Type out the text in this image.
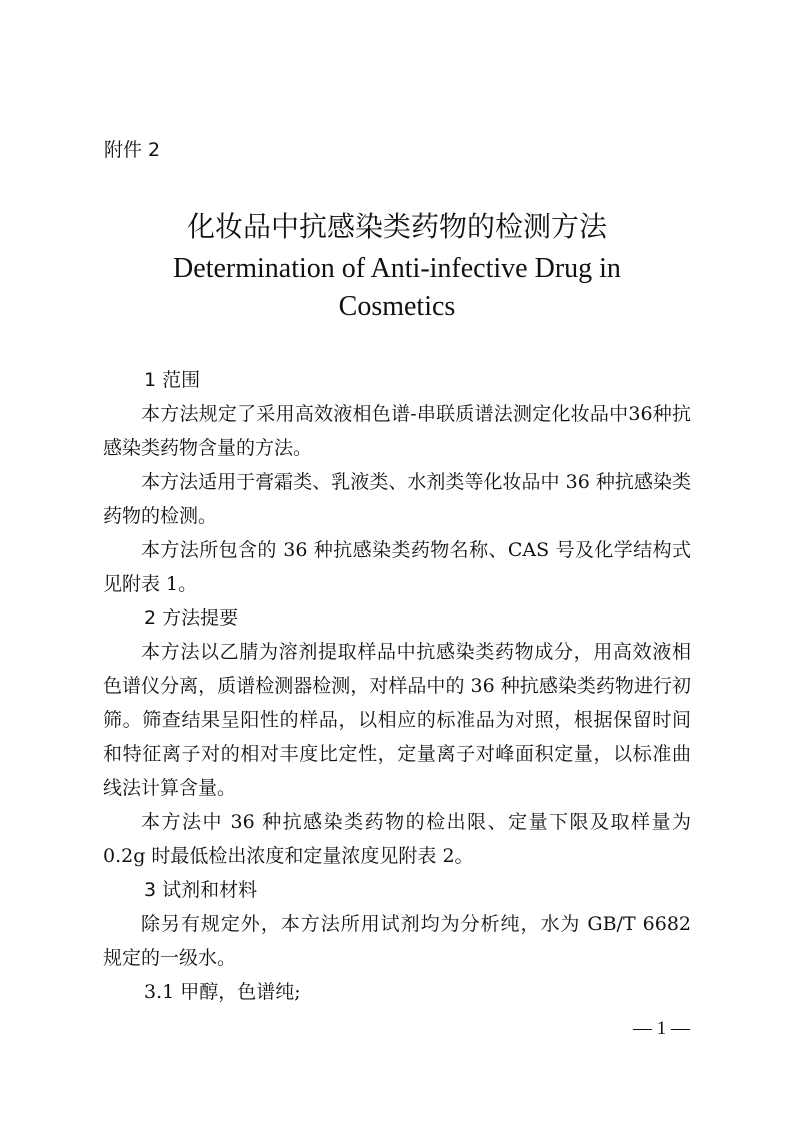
附件 2
化妆品中抗感染类药物的检测方法
Determination of Anti-infective Drug in Cosmetics

1 范围

本方法规定了采用高效液相色谱-串联质谱法测定化妆品中36种抗感染类药物含量的方法。

本方法适用于膏霜类、乳液类、水剂类等化妆品中 36 种抗感染类药物的检测。

本方法所包含的 36 种抗感染类药物名称、CAS 号及化学结构式见附表 1。

2 方法提要

本方法以乙腈为溶剂提取样品中抗感染类药物成分，用高效液相色谱仪分离，质谱检测器检测，对样品中的 36 种抗感染类药物进行初筛。筛查结果呈阳性的样品，以相应的标准品为对照，根据保留时间和特征离子对的相对丰度比定性，定量离子对峰面积定量，以标准曲线法计算含量。

本方法中 36 种抗感染类药物的检出限、定量下限及取样量为 0.2g 时最低检出浓度和定量浓度见附表 2。

3 试剂和材料

除另有规定外，本方法所用试剂均为分析纯，水为 GB/T 6682 规定的一级水。

3.1 甲醇，色谱纯;

— 1 —
